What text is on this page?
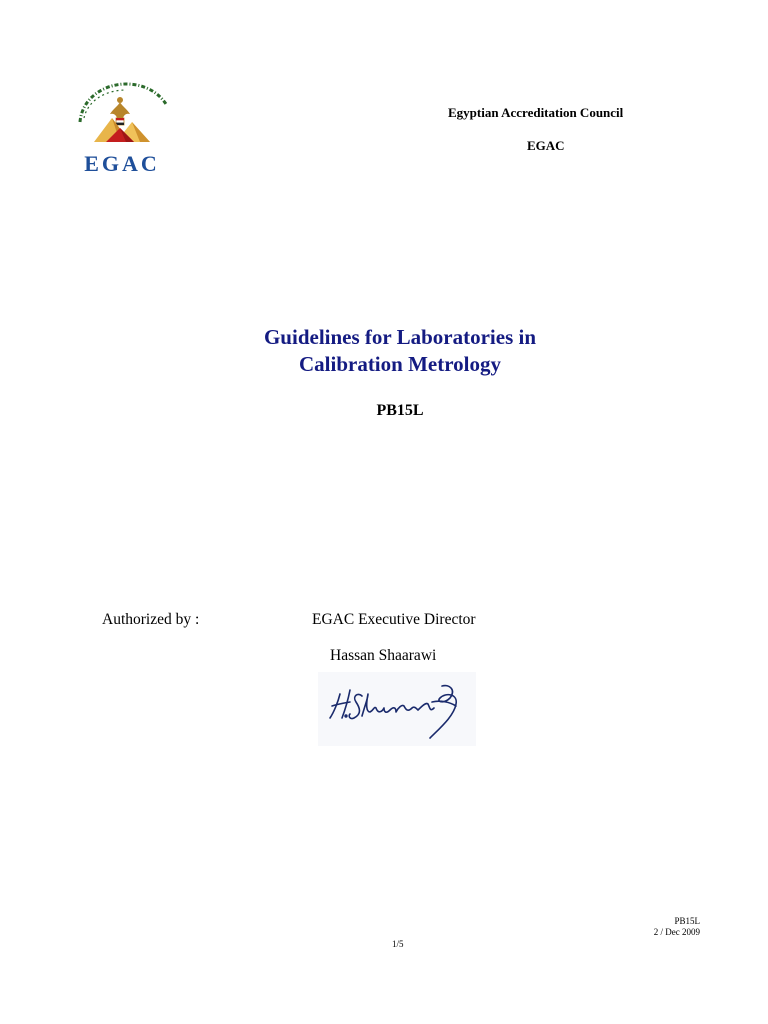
EGAC
Egyptian Accreditation Council
EGAC
Guidelines for Laboratories in
Calibration Metrology
PB15L
Authorized by :	EGAC Executive Director
Hassan Shaarawi
PB15L
2 / Dec 2009
1/5
